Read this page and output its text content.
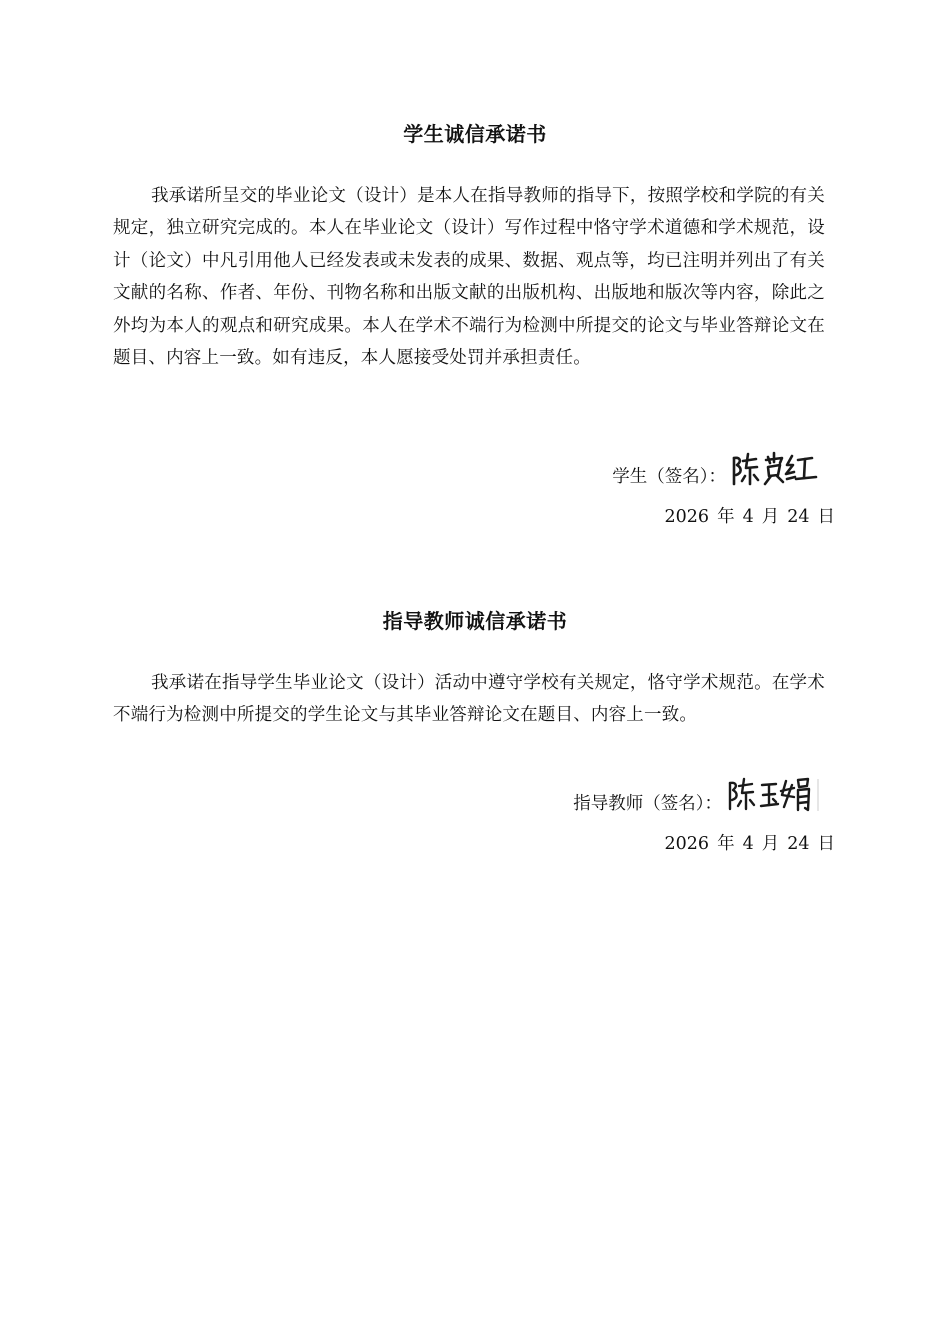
学生诚信承诺书
我承诺所呈交的毕业论文（设计）是本人在指导教师的指导下，按照学校和学院的有关规定，独立研究完成的。本人在毕业论文（设计）写作过程中恪守学术道德和学术规范，设计（论文）中凡引用他人已经发表或未发表的成果、数据、观点等，均已注明并列出了有关文献的名称、作者、年份、刊物名称和出版文献的出版机构、出版地和版次等内容，除此之外均为本人的观点和研究成果。本人在学术不端行为检测中所提交的论文与毕业答辩论文在题目、内容上一致。如有违反，本人愿接受处罚并承担责任。
学生（签名）：
2026 年 4 月 24 日
指导教师诚信承诺书
我承诺在指导学生毕业论文（设计）活动中遵守学校有关规定，恪守学术规范。在学术不端行为检测中所提交的学生论文与其毕业答辩论文在题目、内容上一致。
指导教师（签名）：
2026 年 4 月 24 日
